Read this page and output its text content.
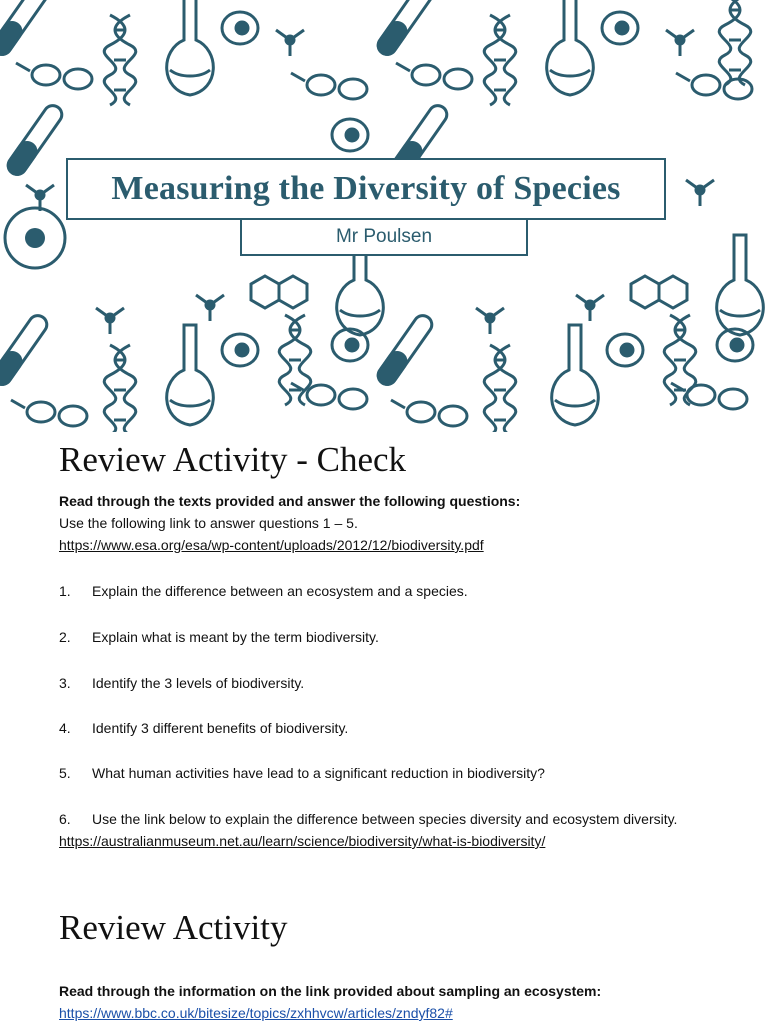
Measuring the Diversity of Species
Mr Poulsen
Review Activity - Check

Read through the texts provided and answer the following questions:

Use the following link to answer questions 1 – 5.

https://www.esa.org/esa/wp-content/uploads/2012/12/biodiversity.pdf

1.	Explain the difference between an ecosystem and a species.
2.	Explain what is meant by the term biodiversity.
3.	Identify the 3 levels of biodiversity.
4.	Identify 3 different benefits of biodiversity.
5.	What human activities have lead to a significant reduction in biodiversity?
6.	Use the link below to explain the difference between species diversity and ecosystem diversity.

https://australianmuseum.net.au/learn/science/biodiversity/what-is-biodiversity/

Review Activity

Read through the information on the link provided about sampling an ecosystem:

https://www.bbc.co.uk/bitesize/topics/zxhhvcw/articles/zndyf82#
